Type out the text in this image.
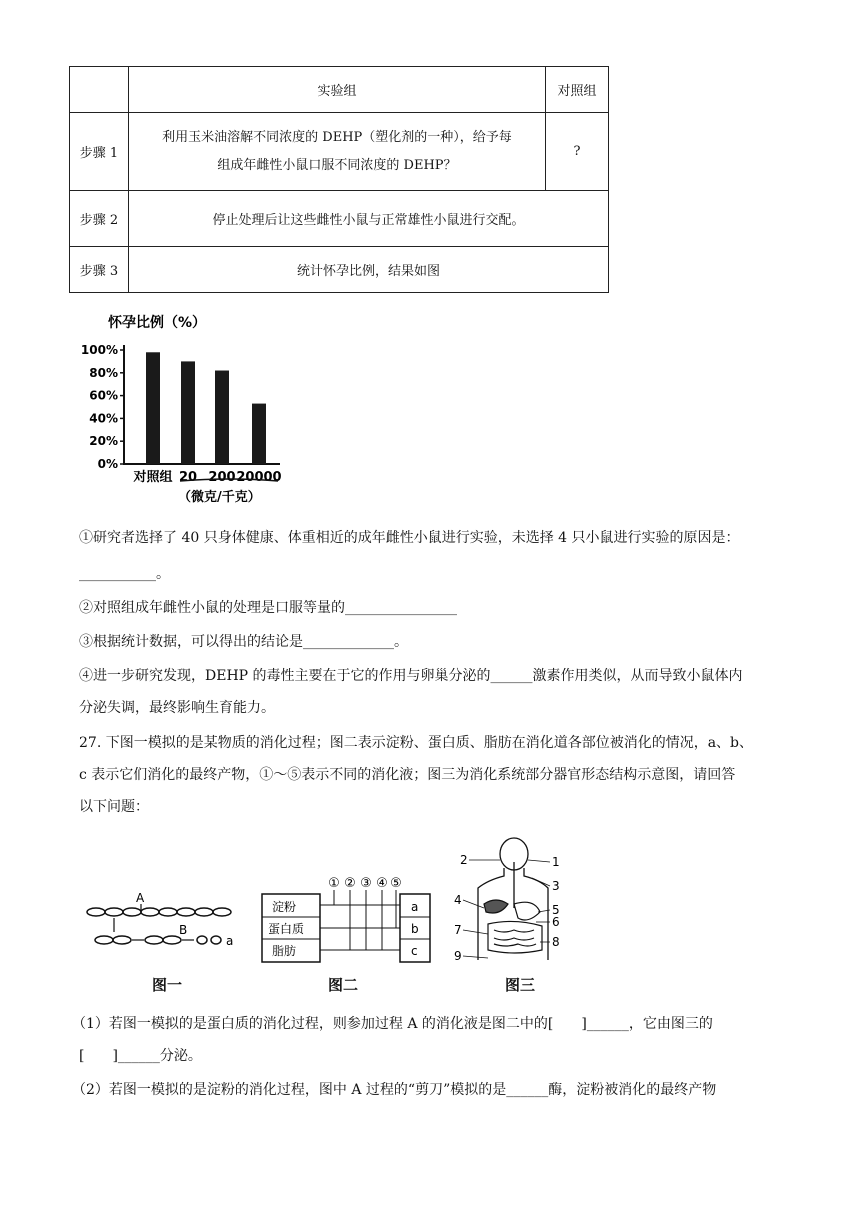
	实验组	对照组
步骤 1	利用玉米油溶解不同浓度的 DEHP（塑化剂的一种），给予每
组成年雌性小鼠口服不同浓度的 DEHP？	?
步骤 2	停止处理后让这些雌性小鼠与正常雄性小鼠进行交配。	
步骤 3	统计怀孕比例，结果如图	
怀孕比例（%）
100%
80%
60%
40%
20%
0%
对照组 20 200 20000
（微克/千克）
①研究者选择了 40 只身体健康、体重相近的成年雌性小鼠进行实验，未选择 4 只小鼠进行实验的原因是：
___________。
②对照组成年雌性小鼠的处理是口服等量的________________
③根据统计数据，可以得出的结论是_____________。
④进一步研究发现，DEHP 的毒性主要在于它的作用与卵巢分泌的______激素作用类似，从而导致小鼠体内
分泌失调，最终影响生育能力。
27. 下图一模拟的是某物质的消化过程；图二表示淀粉、蛋白质、脂肪在消化道各部位被消化的情况，a、b、
c 表示它们消化的最终产物，①～⑤表示不同的消化液；图三为消化系统部分器官形态结构示意图，请回答
以下问题：
A
B
a
图一
① ② ③ ④ ⑤
淀粉
蛋白质
脂肪
a
b
c
图二
1
2
3
4
5
6
7
8
9
图三
（1）若图一模拟的是蛋白质的消化过程，则参加过程 A 的消化液是图二中的[　　]______，它由图三的
[　　]______分泌。
（2）若图一模拟的是淀粉的消化过程，图中 A 过程的“剪刀”模拟的是______酶，淀粉被消化的最终产物
